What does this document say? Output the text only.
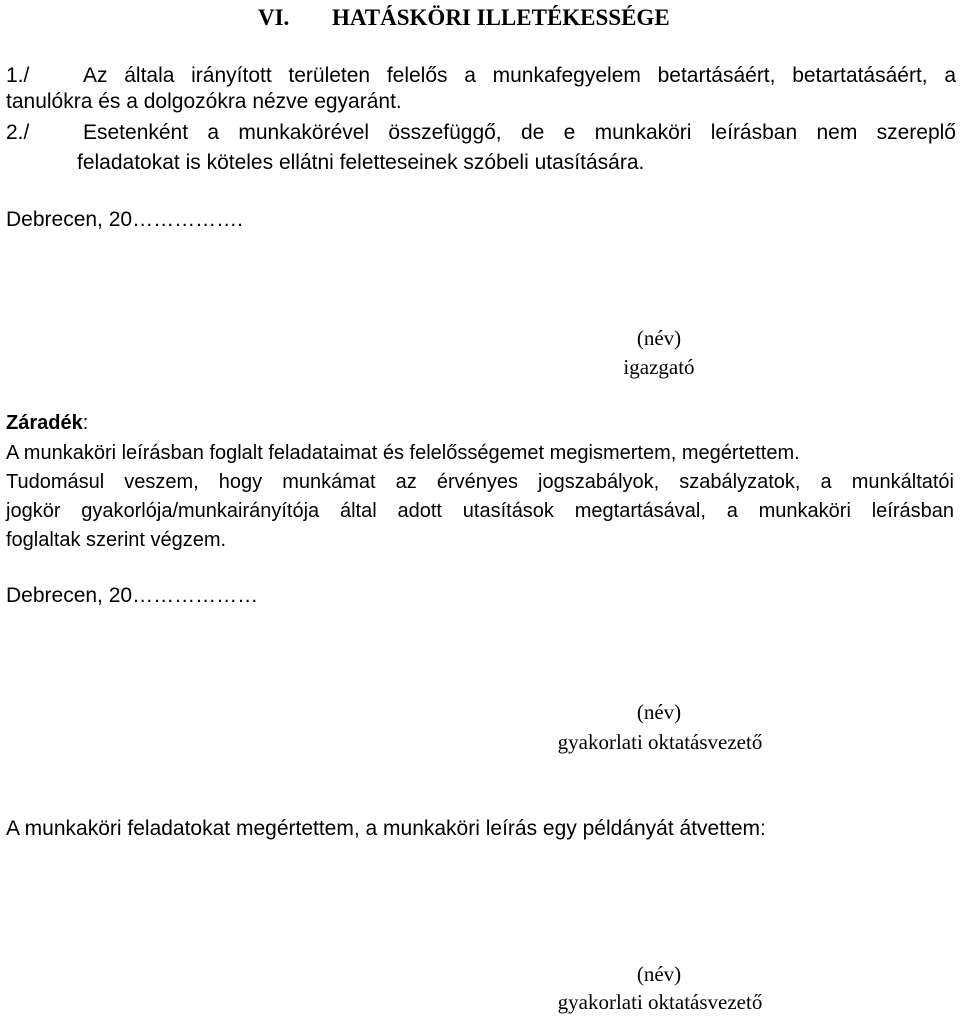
VI. HATÁSKÖRI ILLETÉKESSÉGE
1./	Az általa irányított területen felelős a munkafegyelem betartásáért, betartatásáért, a
tanulókra és a dolgozókra nézve egyaránt.
2./	Esetenként a munkakörével összefüggő, de e munkaköri leírásban nem szereplő
feladatokat is köteles ellátni feletteseinek szóbeli utasítására.
Debrecen, 20…………….
(név)
igazgató
Záradék:
A munkaköri leírásban foglalt feladataimat és felelősségemet megismertem, megértettem.
Tudomásul veszem, hogy munkámat az érvényes jogszabályok, szabályzatok, a munkáltatói
jogkör gyakorlója/munkairányítója által adott utasítások megtartásával, a munkaköri leírásban
foglaltak szerint végzem.
Debrecen, 20………………
(név)
gyakorlati oktatásvezető
A munkaköri feladatokat megértettem, a munkaköri leírás egy példányát átvettem:
(név)
gyakorlati oktatásvezető
